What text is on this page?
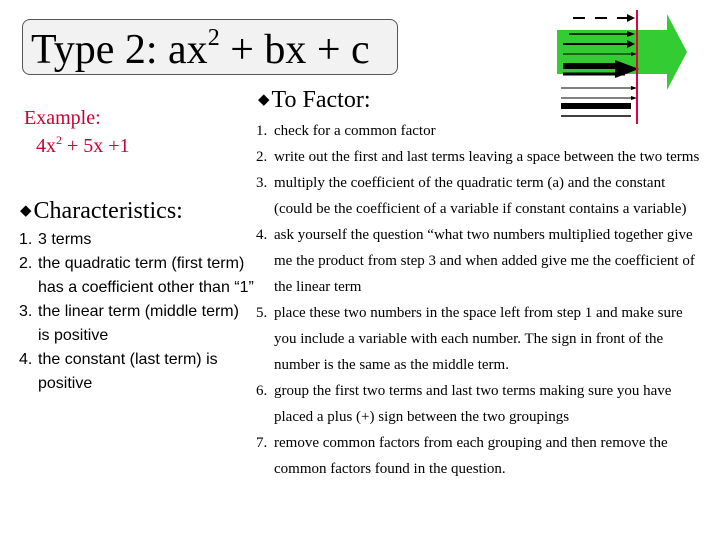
Type 2: $ax^2$ + bx + c
Example:
$4x^2 + 5x +1$
◆Characteristics:
1. 3 terms
2. the quadratic term (first term) has a coefficient other than “1”
3. the linear term (middle term) is positive
4. the constant (last term) is positive
◆To Factor:
1. check for a common factor
2. write out the first and last terms leaving a space between the two terms
3. multiply the coefficient of the quadratic term (a) and the constant (could be the coefficient of a variable if constant contains a variable)
4. ask yourself the question “what two numbers multiplied together give me the product from step 3 and when added give me the coefficient of the linear term
5. place these two numbers in the space left from step 1 and make sure you include a variable with each number. The sign in front of the number is the same as the middle term.
6. group the first two terms and last two terms making sure you have placed a plus (+) sign between the two groupings
7. remove common factors from each grouping and then remove the common factors found in the question.
